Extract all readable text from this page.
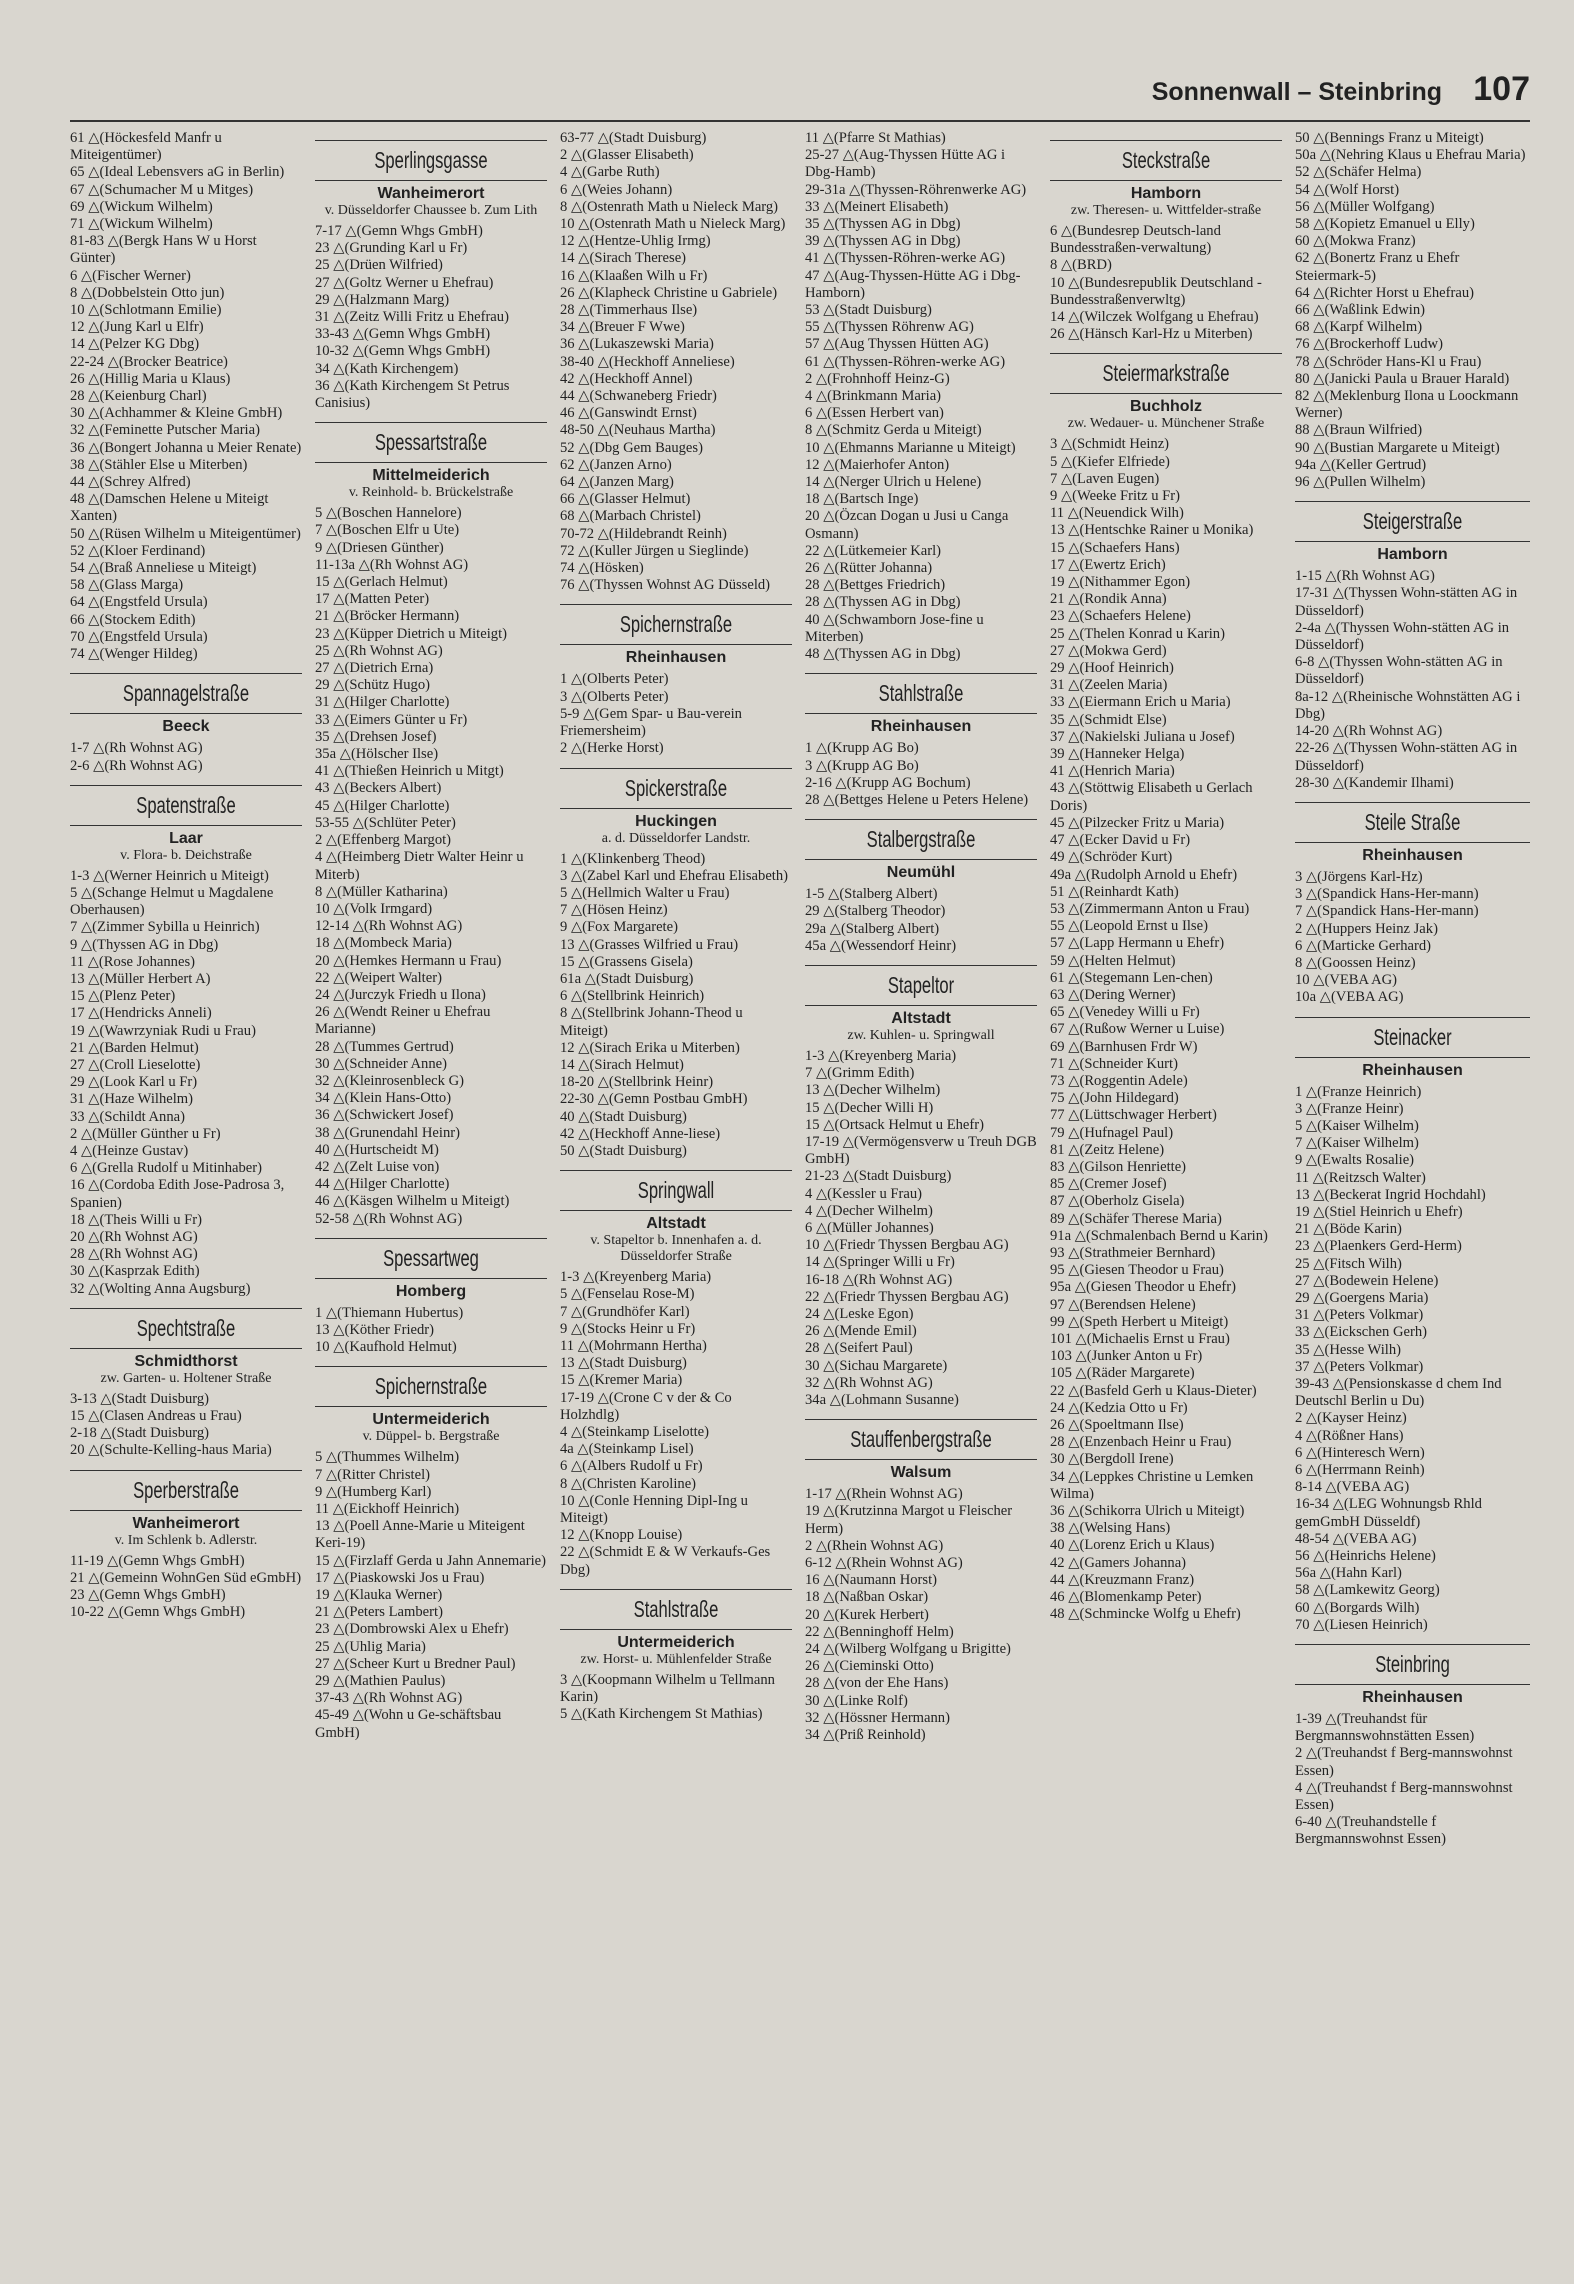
Sonnenwall – Steinbring 107

61 △(Höckesfeld Manfr u Miteigentümer)

65 △(Ideal Lebensvers aG in Berlin)

67 △(Schumacher M u Mitges)

69 △(Wickum Wilhelm)

71 △(Wickum Wilhelm)

81-83 △(Bergk Hans W u Horst Günter)

6 △(Fischer Werner)

8 △(Dobbelstein Otto jun)

10 △(Schlotmann Emilie)

12 △(Jung Karl u Elfr)

14 △(Pelzer KG Dbg)

22-24 △(Brocker Beatrice)

26 △(Hillig Maria u Klaus)

28 △(Keienburg Charl)

30 △(Achhammer & Kleine GmbH)

32 △(Feminette Putscher Maria)

36 △(Bongert Johanna u Meier Renate)

38 △(Stähler Else u Miterben)

44 △(Schrey Alfred)

48 △(Damschen Helene u Miteigt Xanten)

50 △(Rüsen Wilhelm u Miteigentümer)

52 △(Kloer Ferdinand)

54 △(Braß Anneliese u Miteigt)

58 △(Glass Marga)

64 △(Engstfeld Ursula)

66 △(Stockem Edith)

70 △(Engstfeld Ursula)

74 △(Wenger Hildeg)

Spannagelstraße
Beeck

1-7 △(Rh Wohnst AG)

2-6 △(Rh Wohnst AG)

Spatenstraße
Laar
v. Flora- b. Deichstraße

1-3 △(Werner Heinrich u Miteigt)

5 △(Schange Helmut u Magdalene Oberhausen)

7 △(Zimmer Sybilla u Heinrich)

9 △(Thyssen AG in Dbg)

11 △(Rose Johannes)

13 △(Müller Herbert A)

15 △(Plenz Peter)

17 △(Hendricks Anneli)

19 △(Wawrzyniak Rudi u Frau)

21 △(Barden Helmut)

27 △(Croll Lieselotte)

29 △(Look Karl u Fr)

31 △(Haze Wilhelm)

33 △(Schildt Anna)

2 △(Müller Günther u Fr)

4 △(Heinze Gustav)

6 △(Grella Rudolf u Mitinhaber)

16 △(Cordoba Edith Jose-Padrosa 3, Spanien)

18 △(Theis Willi u Fr)

20 △(Rh Wohnst AG)

28 △(Rh Wohnst AG)

30 △(Kasprzak Edith)

32 △(Wolting Anna Augsburg)

Spechtstraße
Schmidthorst
zw. Garten- u. Holtener Straße

3-13 △(Stadt Duisburg)

15 △(Clasen Andreas u Frau)

2-18 △(Stadt Duisburg)

20 △(Schulte-Kelling-haus Maria)

Sperberstraße
Wanheimerort
v. Im Schlenk b. Adlerstr.

11-19 △(Gemn Whgs GmbH)

21 △(Gemeinn WohnGen Süd eGmbH)

23 △(Gemn Whgs GmbH)

10-22 △(Gemn Whgs GmbH)

Sperlingsgasse
Wanheimerort
v. Düsseldorfer Chaussee b. Zum Lith

7-17 △(Gemn Whgs GmbH)

23 △(Grunding Karl u Fr)

25 △(Drüen Wilfried)

27 △(Goltz Werner u Ehefrau)

29 △(Halzmann Marg)

31 △(Zeitz Willi Fritz u Ehefrau)

33-43 △(Gemn Whgs GmbH)

10-32 △(Gemn Whgs GmbH)

34 △(Kath Kirchengem)

36 △(Kath Kirchengem St Petrus Canisius)

Spessartstraße
Mittelmeiderich
v. Reinhold- b. Brückelstraße

5 △(Boschen Hannelore)

7 △(Boschen Elfr u Ute)

9 △(Driesen Günther)

11-13a △(Rh Wohnst AG)

15 △(Gerlach Helmut)

17 △(Matten Peter)

21 △(Bröcker Hermann)

23 △(Küpper Dietrich u Miteigt)

25 △(Rh Wohnst AG)

27 △(Dietrich Erna)

29 △(Schütz Hugo)

31 △(Hilger Charlotte)

33 △(Eimers Günter u Fr)

35 △(Drehsen Josef)

35a △(Hölscher Ilse)

41 △(Thießen Heinrich u Mitgt)

43 △(Beckers Albert)

45 △(Hilger Charlotte)

53-55 △(Schlüter Peter)

2 △(Effenberg Margot)

4 △(Heimberg Dietr Walter Heinr u Miterb)

8 △(Müller Katharina)

10 △(Volk Irmgard)

12-14 △(Rh Wohnst AG)

18 △(Mombeck Maria)

20 △(Hemkes Hermann u Frau)

22 △(Weipert Walter)

24 △(Jurczyk Friedh u Ilona)

26 △(Wendt Reiner u Ehefrau Marianne)

28 △(Tummes Gertrud)

30 △(Schneider Anne)

32 △(Kleinrosenbleck G)

34 △(Klein Hans-Otto)

36 △(Schwickert Josef)

38 △(Grunendahl Heinr)

40 △(Hurtscheidt M)

42 △(Zelt Luise von)

44 △(Hilger Charlotte)

46 △(Käsgen Wilhelm u Miteigt)

52-58 △(Rh Wohnst AG)

Spessartweg
Homberg

1 △(Thiemann Hubertus)

13 △(Köther Friedr)

10 △(Kaufhold Helmut)

Spichernstraße
Untermeiderich
v. Düppel- b. Bergstraße

5 △(Thummes Wilhelm)

7 △(Ritter Christel)

9 △(Humberg Karl)

11 △(Eickhoff Heinrich)

13 △(Poell Anne-Marie u Miteigent Keri-19)

15 △(Firzlaff Gerda u Jahn Annemarie)

17 △(Piaskowski Jos u Frau)

19 △(Klauka Werner)

21 △(Peters Lambert)

23 △(Dombrowski Alex u Ehefr)

25 △(Uhlig Maria)

27 △(Scheer Kurt u Bredner Paul)

29 △(Mathien Paulus)

37-43 △(Rh Wohnst AG)

45-49 △(Wohn u Ge-schäftsbau GmbH)

63-77 △(Stadt Duisburg)

2 △(Glasser Elisabeth)

4 △(Garbe Ruth)

6 △(Weies Johann)

8 △(Ostenrath Math u Nieleck Marg)

10 △(Ostenrath Math u Nieleck Marg)

12 △(Hentze-Uhlig Irmg)

14 △(Sirach Therese)

16 △(Klaaßen Wilh u Fr)

26 △(Klapheck Christine u Gabriele)

28 △(Timmerhaus Ilse)

34 △(Breuer F Wwe)

36 △(Lukaszewski Maria)

38-40 △(Heckhoff Anneliese)

42 △(Heckhoff Annel)

44 △(Schwaneberg Friedr)

46 △(Ganswindt Ernst)

48-50 △(Neuhaus Martha)

52 △(Dbg Gem Bauges)

62 △(Janzen Arno)

64 △(Janzen Marg)

66 △(Glasser Helmut)

68 △(Marbach Christel)

70-72 △(Hildebrandt Reinh)

72 △(Kuller Jürgen u Sieglinde)

74 △(Hösken)

76 △(Thyssen Wohnst AG Düsseld)

Spichernstraße
Rheinhausen

1 △(Olberts Peter)

3 △(Olberts Peter)

5-9 △(Gem Spar- u Bau-verein Friemersheim)

2 △(Herke Horst)

Spickerstraße
Huckingen
a. d. Düsseldorfer Landstr.

1 △(Klinkenberg Theod)

3 △(Zabel Karl und Ehefrau Elisabeth)

5 △(Hellmich Walter u Frau)

7 △(Hösen Heinz)

9 △(Fox Margarete)

13 △(Grasses Wilfried u Frau)

15 △(Grassens Gisela)

61a △(Stadt Duisburg)

6 △(Stellbrink Heinrich)

8 △(Stellbrink Johann-Theod u Miteigt)

12 △(Sirach Erika u Miterben)

14 △(Sirach Helmut)

18-20 △(Stellbrink Heinr)

22-30 △(Gemn Postbau GmbH)

40 △(Stadt Duisburg)

42 △(Heckhoff Anne-liese)

50 △(Stadt Duisburg)

Springwall
Altstadt
v. Stapeltor b. Innenhafen a. d. Düsseldorfer Straße

1-3 △(Kreyenberg Maria)

5 △(Fenselau Rose-M)

7 △(Grundhöfer Karl)

9 △(Stocks Heinr u Fr)

11 △(Mohrmann Hertha)

13 △(Stadt Duisburg)

15 △(Kremer Maria)

17-19 △(Crone C v der & Co Holzhdlg)

4 △(Steinkamp Liselotte)

4a △(Steinkamp Lisel)

6 △(Albers Rudolf u Fr)

8 △(Christen Karoline)

10 △(Conle Henning Dipl-Ing u Miteigt)

12 △(Knopp Louise)

22 △(Schmidt E & W Verkaufs-Ges Dbg)

Stahlstraße
Untermeiderich
zw. Horst- u. Mühlenfelder Straße

3 △(Koopmann Wilhelm u Tellmann Karin)

5 △(Kath Kirchengem St Mathias)

11 △(Pfarre St Mathias)

25-27 △(Aug-Thyssen Hütte AG i Dbg-Hamb)

29-31a △(Thyssen-Röhrenwerke AG)

33 △(Meinert Elisabeth)

35 △(Thyssen AG in Dbg)

39 △(Thyssen AG in Dbg)

41 △(Thyssen-Röhren-werke AG)

47 △(Aug-Thyssen-Hütte AG i Dbg-Hamborn)

53 △(Stadt Duisburg)

55 △(Thyssen Röhrenw AG)

57 △(Aug Thyssen Hütten AG)

61 △(Thyssen-Röhren-werke AG)

2 △(Frohnhoff Heinz-G)

4 △(Brinkmann Maria)

6 △(Essen Herbert van)

8 △(Schmitz Gerda u Miteigt)

10 △(Ehmanns Marianne u Miteigt)

12 △(Maierhofer Anton)

14 △(Nerger Ulrich u Helene)

18 △(Bartsch Inge)

20 △(Özcan Dogan u Jusi u Canga Osmann)

22 △(Lütkemeier Karl)

26 △(Rütter Johanna)

28 △(Bettges Friedrich)

28 △(Thyssen AG in Dbg)

40 △(Schwamborn Jose-fine u Miterben)

48 △(Thyssen AG in Dbg)

Stahlstraße
Rheinhausen

1 △(Krupp AG Bo)

3 △(Krupp AG Bo)

2-16 △(Krupp AG Bochum)

28 △(Bettges Helene u Peters Helene)

Stalbergstraße
Neumühl

1-5 △(Stalberg Albert)

29 △(Stalberg Theodor)

29a △(Stalberg Albert)

45a △(Wessendorf Heinr)

Stapeltor
Altstadt
zw. Kuhlen- u. Springwall

1-3 △(Kreyenberg Maria)

7 △(Grimm Edith)

13 △(Decher Wilhelm)

15 △(Decher Willi H)

15 △(Ortsack Helmut u Ehefr)

17-19 △(Vermögensverw u Treuh DGB GmbH)

21-23 △(Stadt Duisburg)

4 △(Kessler u Frau)

4 △(Decher Wilhelm)

6 △(Müller Johannes)

10 △(Friedr Thyssen Bergbau AG)

14 △(Springer Willi u Fr)

16-18 △(Rh Wohnst AG)

22 △(Friedr Thyssen Bergbau AG)

24 △(Leske Egon)

26 △(Mende Emil)

28 △(Seifert Paul)

30 △(Sichau Margarete)

32 △(Rh Wohnst AG)

34a △(Lohmann Susanne)

Stauffenbergstraße
Walsum

1-17 △(Rhein Wohnst AG)

19 △(Krutzinna Margot u Fleischer Herm)

2 △(Rhein Wohnst AG)

6-12 △(Rhein Wohnst AG)

16 △(Naumann Horst)

18 △(Naßban Oskar)

20 △(Kurek Herbert)

22 △(Benninghoff Helm)

24 △(Wilberg Wolfgang u Brigitte)

26 △(Cieminski Otto)

28 △(von der Ehe Hans)

30 △(Linke Rolf)

32 △(Hössner Hermann)

34 △(Priß Reinhold)

Steckstraße
Hamborn
zw. Theresen- u. Wittfelder-straße

6 △(Bundesrep Deutsch-land Bundesstraßen-verwaltung)

8 △(BRD)

10 △(Bundesrepublik Deutschland -Bundesstraßenverwltg)

14 △(Wilczek Wolfgang u Ehefrau)

26 △(Hänsch Karl-Hz u Miterben)

Steiermarkstraße
Buchholz
zw. Wedauer- u. Münchener Straße

3 △(Schmidt Heinz)

5 △(Kiefer Elfriede)

7 △(Laven Eugen)

9 △(Weeke Fritz u Fr)

11 △(Neuendick Wilh)

13 △(Hentschke Rainer u Monika)

15 △(Schaefers Hans)

17 △(Ewertz Erich)

19 △(Nithammer Egon)

21 △(Rondik Anna)

23 △(Schaefers Helene)

25 △(Thelen Konrad u Karin)

27 △(Mokwa Gerd)

29 △(Hoof Heinrich)

31 △(Zeelen Maria)

33 △(Eiermann Erich u Maria)

35 △(Schmidt Else)

37 △(Nakielski Juliana u Josef)

39 △(Hanneker Helga)

41 △(Henrich Maria)

43 △(Stöttwig Elisabeth u Gerlach Doris)

45 △(Pilzecker Fritz u Maria)

47 △(Ecker David u Fr)

49 △(Schröder Kurt)

49a △(Rudolph Arnold u Ehefr)

51 △(Reinhardt Kath)

53 △(Zimmermann Anton u Frau)

55 △(Leopold Ernst u Ilse)

57 △(Lapp Hermann u Ehefr)

59 △(Helten Helmut)

61 △(Stegemann Len-chen)

63 △(Dering Werner)

65 △(Venedey Willi u Fr)

67 △(Rußow Werner u Luise)

69 △(Barnhusen Frdr W)

71 △(Schneider Kurt)

73 △(Roggentin Adele)

75 △(John Hildegard)

77 △(Lüttschwager Herbert)

79 △(Hufnagel Paul)

81 △(Zeitz Helene)

83 △(Gilson Henriette)

85 △(Cremer Josef)

87 △(Oberholz Gisela)

89 △(Schäfer Therese Maria)

91a △(Schmalenbach Bernd u Karin)

93 △(Strathmeier Bernhard)

95 △(Giesen Theodor u Frau)

95a △(Giesen Theodor u Ehefr)

97 △(Berendsen Helene)

99 △(Speth Herbert u Miteigt)

101 △(Michaelis Ernst u Frau)

103 △(Junker Anton u Fr)

105 △(Räder Margarete)

22 △(Basfeld Gerh u Klaus-Dieter)

24 △(Kedzia Otto u Fr)

26 △(Spoeltmann Ilse)

28 △(Enzenbach Heinr u Frau)

30 △(Bergdoll Irene)

34 △(Leppkes Christine u Lemken Wilma)

36 △(Schikorra Ulrich u Miteigt)

38 △(Welsing Hans)

40 △(Lorenz Erich u Klaus)

42 △(Gamers Johanna)

44 △(Kreuzmann Franz)

46 △(Blomenkamp Peter)

48 △(Schminckе Wolfg u Ehefr)

50 △(Bennings Franz u Miteigt)

50a △(Nehring Klaus u Ehefrau Maria)

52 △(Schäfer Helma)

54 △(Wolf Horst)

56 △(Müller Wolfgang)

58 △(Kopietz Emanuel u Elly)

60 △(Mokwa Franz)

62 △(Bonertz Franz u Ehefr Steiermark-5)

64 △(Richter Horst u Ehefrau)

66 △(Waßlink Edwin)

68 △(Karpf Wilhelm)

76 △(Brockerhoff Ludw)

78 △(Schröder Hans-Kl u Frau)

80 △(Janicki Paula u Brauer Harald)

82 △(Meklenburg Ilona u Loockmann Werner)

88 △(Braun Wilfried)

90 △(Bustian Margarete u Miteigt)

94a △(Keller Gertrud)

96 △(Pullen Wilhelm)

Steigerstraße
Hamborn

1-15 △(Rh Wohnst AG)

17-31 △(Thyssen Wohn-stätten AG in Düsseldorf)

2-4a △(Thyssen Wohn-stätten AG in Düsseldorf)

6-8 △(Thyssen Wohn-stätten AG in Düsseldorf)

8a-12 △(Rheinische Wohnstätten AG i Dbg)

14-20 △(Rh Wohnst AG)

22-26 △(Thyssen Wohn-stätten AG in Düsseldorf)

28-30 △(Kandemir Ilhami)

Steile Straße
Rheinhausen

3 △(Jörgens Karl-Hz)

3 △(Spandick Hans-Her-mann)

7 △(Spandick Hans-Her-mann)

2 △(Huppers Heinz Jak)

6 △(Marticke Gerhard)

8 △(Goossen Heinz)

10 △(VEBA AG)

10a △(VEBA AG)

Steinacker
Rheinhausen

1 △(Franze Heinrich)

3 △(Franze Heinr)

5 △(Kaiser Wilhelm)

7 △(Kaiser Wilhelm)

9 △(Ewalts Rosalie)

11 △(Reitzsch Walter)

13 △(Beckerat Ingrid Hochdahl)

19 △(Stiel Heinrich u Ehefr)

21 △(Böde Karin)

23 △(Plaenkers Gerd-Herm)

25 △(Fitsch Wilh)

27 △(Bodewein Helene)

29 △(Goergens Maria)

31 △(Peters Volkmar)

33 △(Eickschen Gerh)

35 △(Hesse Wilh)

37 △(Peters Volkmar)

39-43 △(Pensionskasse d chem Ind Deutschl Berlin u Du)

2 △(Kayser Heinz)

4 △(Rößner Hans)

6 △(Hinteresch Wern)

6 △(Herrmann Reinh)

8-14 △(VEBA AG)

16-34 △(LEG Wohnungsb Rhld gemGmbH Düsseldf)

48-54 △(VEBA AG)

56 △(Heinrichs Helene)

56a △(Hahn Karl)

58 △(Lamkewitz Georg)

60 △(Borgards Wilh)

70 △(Liesen Heinrich)

Steinbring
Rheinhausen

1-39 △(Treuhandst für Bergmannswohnstätten Essen)

2 △(Treuhandst f Berg-mannswohnst Essen)

4 △(Treuhandst f Berg-mannswohnst Essen)

6-40 △(Treuhandstelle f Bergmannswohnst Essen)
